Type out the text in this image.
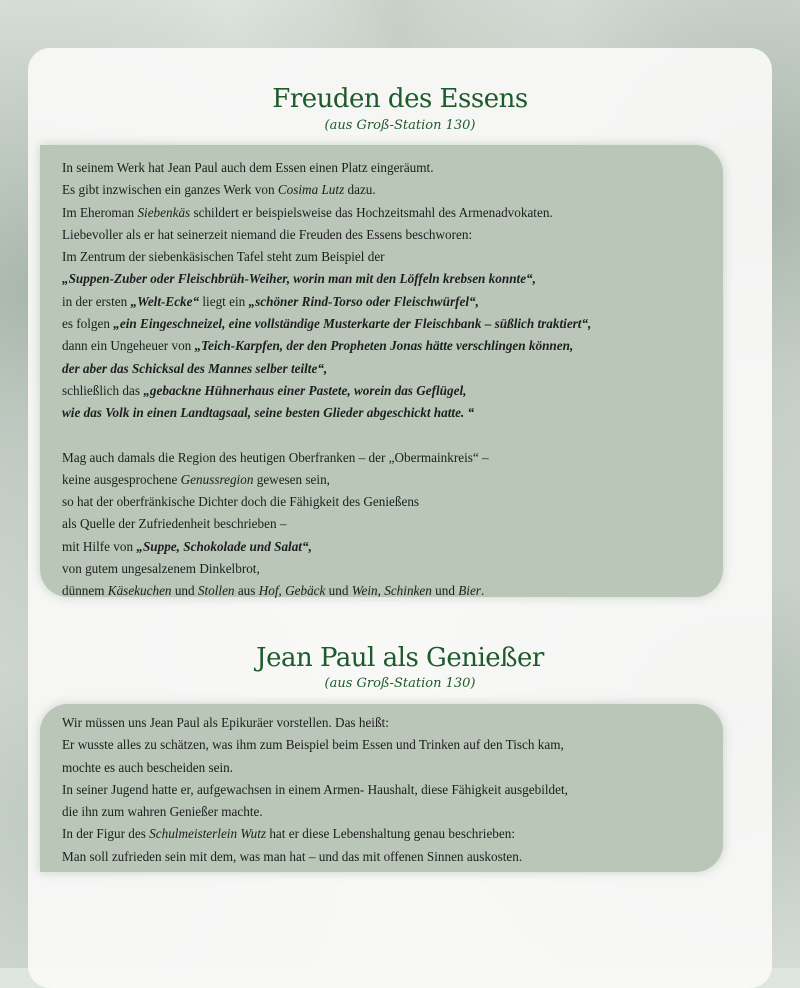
Freuden des Essens
(aus Groß-Station 130)
In seinem Werk hat Jean Paul auch dem Essen einen Platz eingeräumt.
Es gibt inzwischen ein ganzes Werk von Cosima Lutz dazu.
Im Eheroman Siebenkäs schildert er beispielsweise das Hochzeitsmahl des Armenadvokaten.
Liebevoller als er hat seinerzeit niemand die Freuden des Essens beschworen:
Im Zentrum der siebenkäsischen Tafel steht zum Beispiel der
„Suppen-Zuber oder Fleischbrüh-Weiher, worin man mit den Löffeln krebsen konnte“,
in der ersten „Welt-Ecke“ liegt ein „schöner Rind-Torso oder Fleischwürfel“,
es folgen „ein Eingeschneizel, eine vollständige Musterkarte der Fleischbank – süßlich traktiert“,
dann ein Ungeheuer von „Teich-Karpfen, der den Propheten Jonas hätte verschlingen können,
der aber das Schicksal des Mannes selber teilte“,
schließlich das „gebackne Hühnerhaus einer Pastete, worein das Geflügel,
wie das Volk in einen Landtagsaal, seine besten Glieder abgeschickt hatte. “
Mag auch damals die Region des heutigen Oberfranken – der „Obermainkreis“ –
keine ausgesprochene Genussregion gewesen sein,
so hat der oberfränkische Dichter doch die Fähigkeit des Genießens
als Quelle der Zufriedenheit beschrieben –
mit Hilfe von „Suppe, Schokolade und Salat“,
von gutem ungesalzenem Dinkelbrot,
dünnem Käsekuchen und Stollen aus Hof, Gebäck und Wein, Schinken und Bier.
Jean Paul als Genießer
(aus Groß-Station 130)
Wir müssen uns Jean Paul als Epikuräer vorstellen. Das heißt:
Er wusste alles zu schätzen, was ihm zum Beispiel beim Essen und Trinken auf den Tisch kam,
mochte es auch bescheiden sein.
In seiner Jugend hatte er, aufgewachsen in einem Armen- Haushalt, diese Fähigkeit ausgebildet,
die ihn zum wahren Genießer machte.
In der Figur des Schulmeisterlein Wutz hat er diese Lebenshaltung genau beschrieben:
Man soll zufrieden sein mit dem, was man hat – und das mit offenen Sinnen auskosten.
